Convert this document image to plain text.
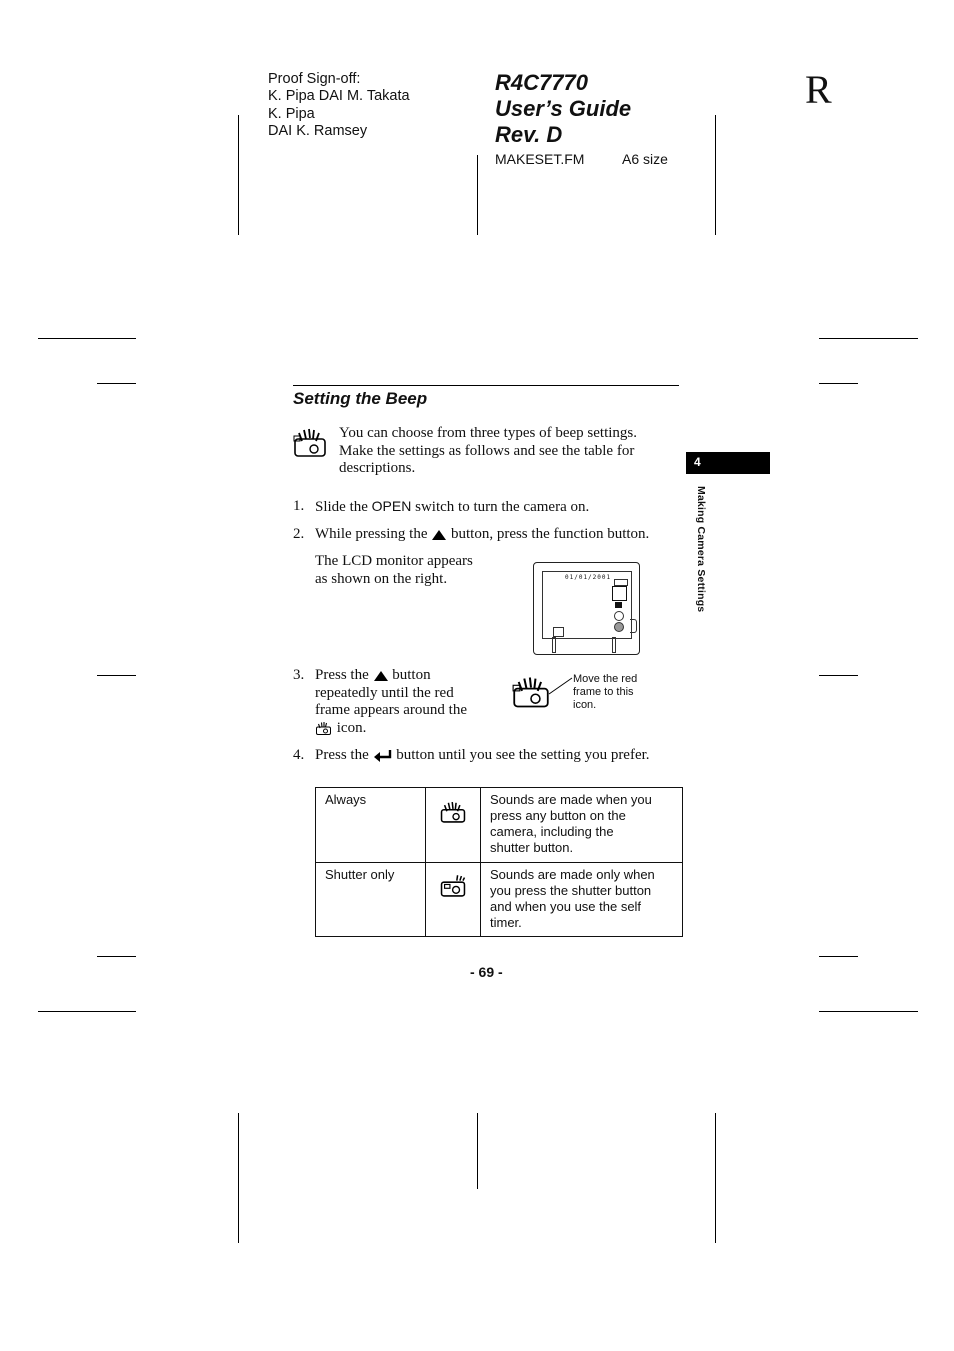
Proof Sign-off:
K. Pipa DAI M. Takata
K. Pipa
DAI K. Ramsey
R4C7770
User’s Guide
Rev. D
MAKESET.FM	A6 size
R
4
Making Camera Settings
Setting the Beep
You can choose from three types of beep settings. Make the settings as follows and see the table for descriptions.
1. Slide the OPEN switch to turn the camera on.
2. While pressing the  button, press the function button.
The LCD monitor appears
as shown on the right.	01/01/2001
3. Press the  button
repeatedly until the red
frame appears around the
icon.
Move the red
frame to this
icon.
4. Press the  button until you see the setting you prefer.
Always		Sounds are made when you
press any button on the
camera, including the
shutter button.

Shutter only		Sounds are made only when
you press the shutter button
and when you use the self
timer.
- 69 -
